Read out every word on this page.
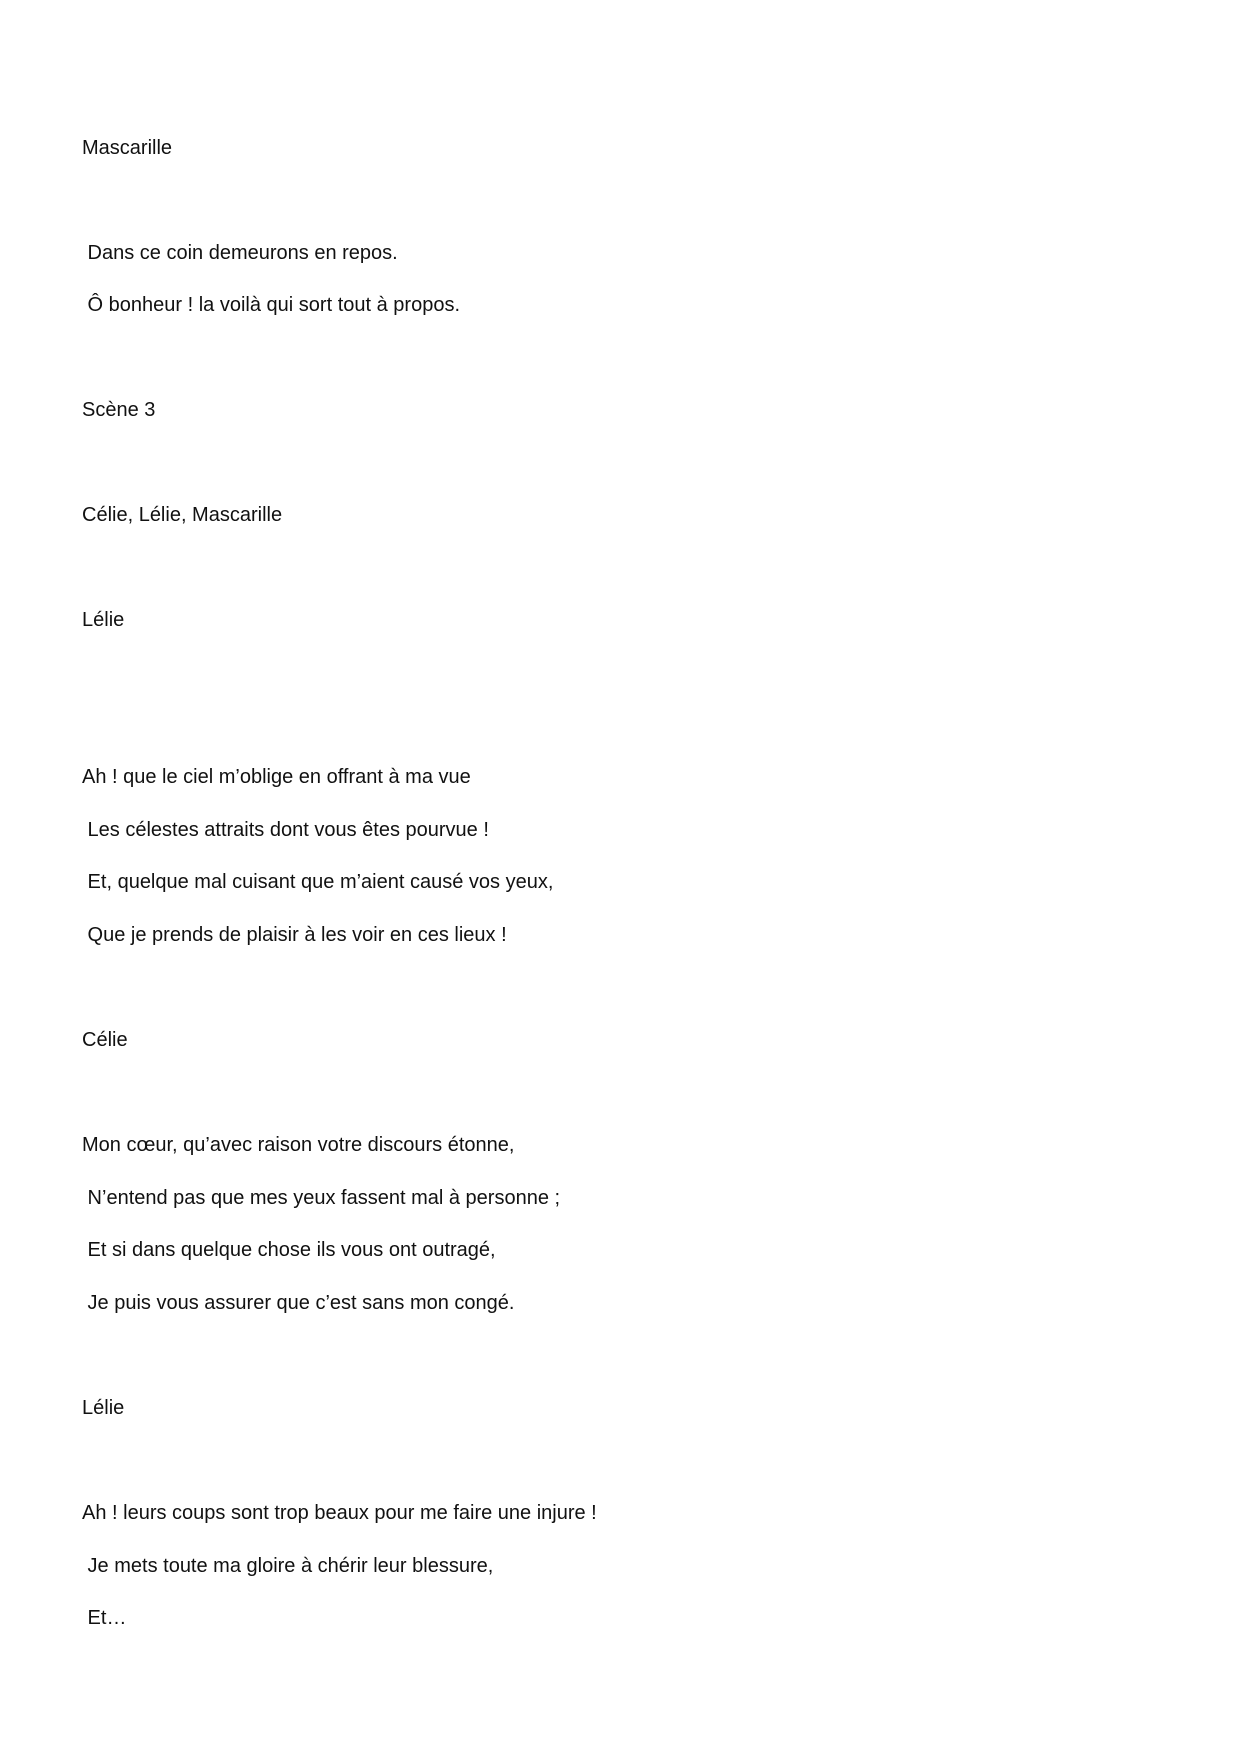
Mascarille
Dans ce coin demeurons en repos.
Ô bonheur ! la voilà qui sort tout à propos.
Scène 3
Célie, Lélie, Mascarille
Lélie
Ah ! que le ciel m’oblige en offrant à ma vue
Les célestes attraits dont vous êtes pourvue !
Et, quelque mal cuisant que m’aient causé vos yeux,
Que je prends de plaisir à les voir en ces lieux !
Célie
Mon cœur, qu’avec raison votre discours étonne,
N’entend pas que mes yeux fassent mal à personne ;
Et si dans quelque chose ils vous ont outragé,
Je puis vous assurer que c’est sans mon congé.
Lélie
Ah ! leurs coups sont trop beaux pour me faire une injure !
Je mets toute ma gloire à chérir leur blessure,
Et…
